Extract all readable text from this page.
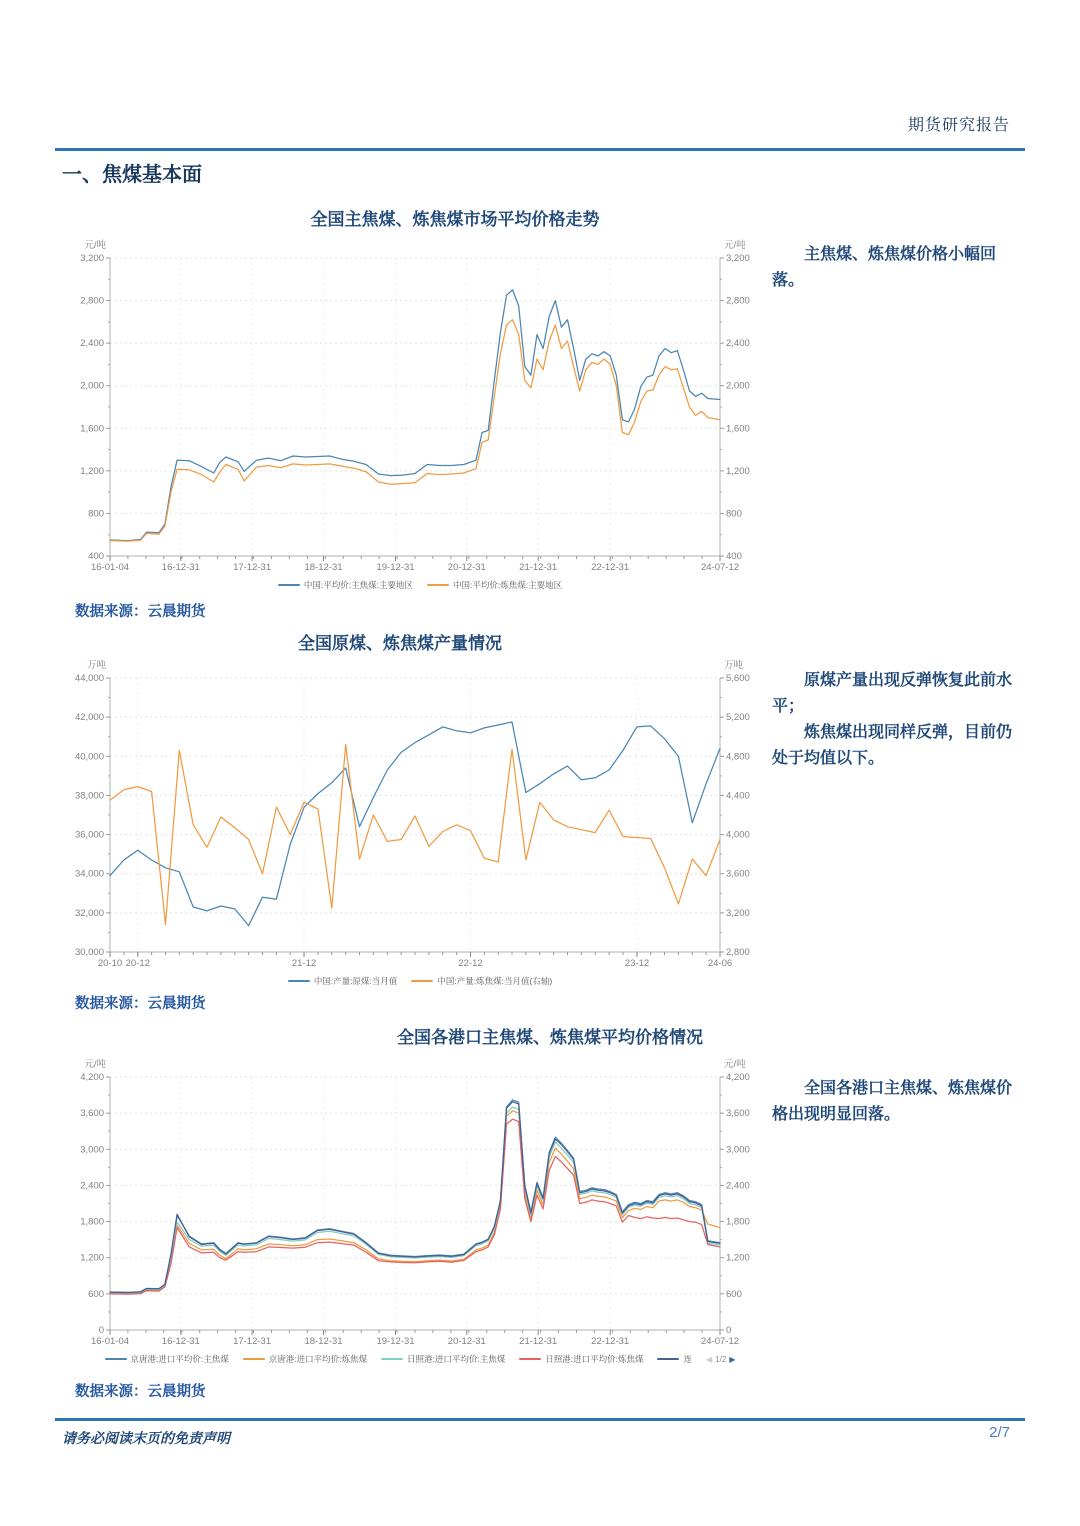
期货研究报告
一、焦煤基本面
全国主焦煤、炼焦煤市场平均价格走势
400	400
800	800
1,200	1,200
1,600	1,600
2,000	2,000
2,400	2,400
2,800	2,800
3,200	3,200
16-01-04	16-12-31	17-12-31	18-12-31	19-12-31	20-12-31	21-12-31	22-12-31	24-07-12
元/吨	元/吨
中国:平均价:主焦煤:主要地区	中国:平均价:炼焦煤:主要地区

主焦煤、炼焦煤价格小幅回落。

数据来源：云晨期货
全国原煤、炼焦煤产量情况
30,000	2,800
32,000	3,200
34,000	3,600
36,000	4,000
38,000	4,400
40,000	4,800
42,000	5,200
44,000	5,600
20-10 20-12	21-12	22-12	23-12	24-06
万吨	万吨
中国:产量:原煤:当月值	中国:产量:炼焦煤:当月值(右轴)

原煤产量出现反弹恢复此前水平；

炼焦煤出现同样反弹，目前仍处于均值以下。

数据来源：云晨期货
全国各港口主焦煤、炼焦煤平均价格情况
0	0
600	600
1,200	1,200
1,800	1,800
2,400	2,400
3,000	3,000
3,600	3,600
4,200	4,200
16-01-04	16-12-31	17-12-31	18-12-31	19-12-31	20-12-31	21-12-31	22-12-31	24-07-12
元/吨	元/吨
京唐港:进口平均价:主焦煤	京唐港:进口平均价:炼焦煤	日照港:进口平均价:主焦煤	日照港:进口平均价:炼焦煤	连 ◀ 1/2 ▶

全国各港口主焦煤、炼焦煤价格出现明显回落。

数据来源：云晨期货
请务必阅读末页的免责声明	2/7
